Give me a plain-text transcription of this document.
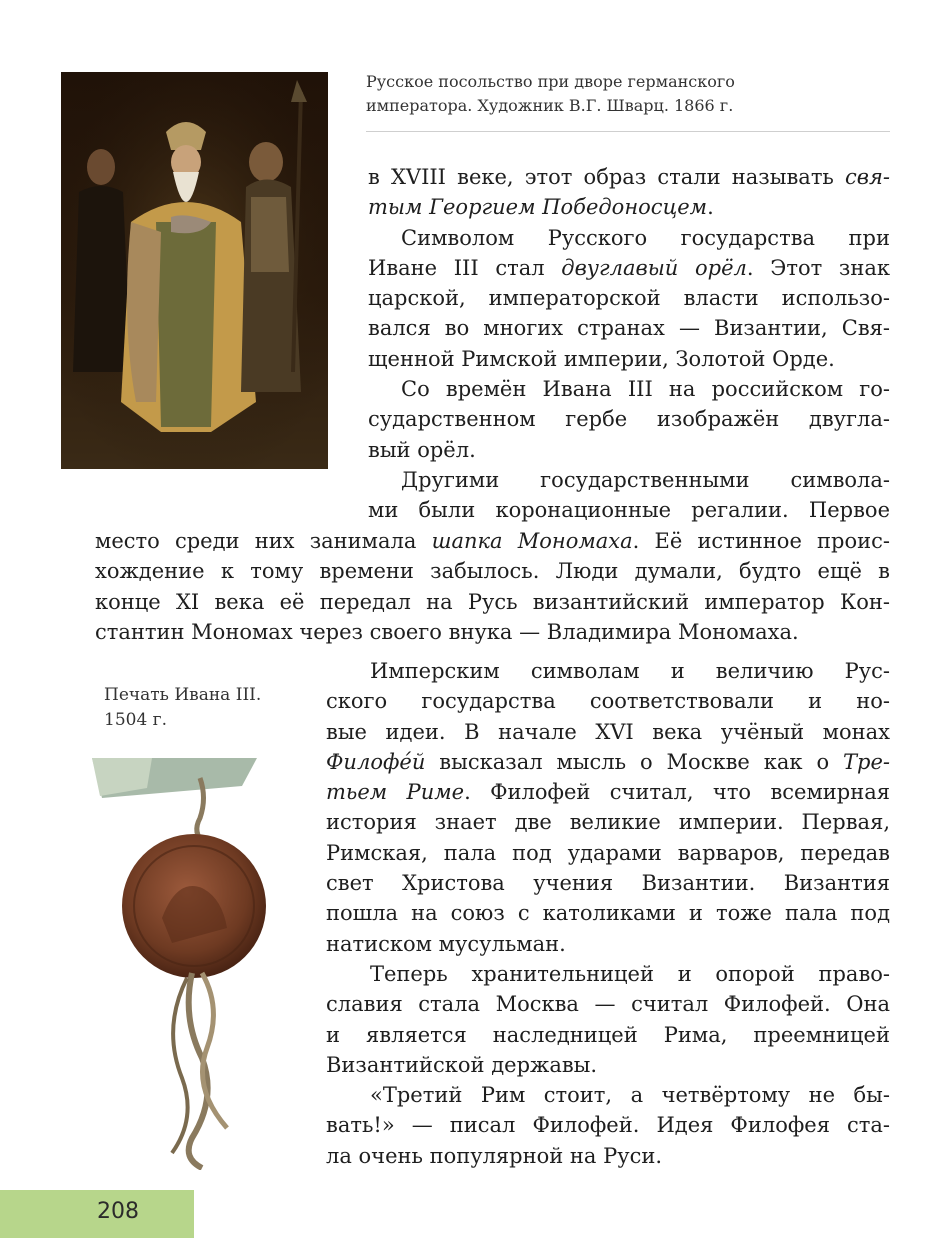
Русское посольство при дворе германского
императора. Художник В.Г. Шварц. 1866 г.
в XVIII веке, этот образ стали называть свя-
тым Георгием Победоносцем.
Символом Русского государства при
Иване III стал двуглавый орёл. Этот знак
царской, императорской власти использо-
вался во многих странах — Византии, Свя-
щенной Римской империи, Золотой Орде.
Со времён Ивана III на российском го-
сударственном гербе изображён двугла-
вый орёл.
Другими государственными символа-
ми были коронационные регалии. Первое
место среди них занимала шапка Мономаха. Её истинное проис-
хождение к тому времени забылось. Люди думали, будто ещё в
конце XI века её передал на Русь византийский император Кон-
стантин Мономах через своего внука — Владимира Мономаха.
Печать Ивана III.
1504 г.
Имперским символам и величию Рус-
ского государства соответствовали и но-
вые идеи. В начале XVI века учёный монах
Филофе́й высказал мысль о Москве как о Тре-
тьем Риме. Филофей считал, что всемирная
история знает две великие империи. Первая,
Римская, пала под ударами варваров, передав
свет Христова учения Византии. Византия
пошла на союз с католиками и тоже пала под
натиском мусульман.
Теперь хранительницей и опорой право-
славия стала Москва — считал Филофей. Она
и является наследницей Рима, преемницей
Византийской державы.
«Третий Рим стоит, а четвёртому не бы-
вать!» — писал Филофей. Идея Филофея ста-
ла очень популярной на Руси.
208
